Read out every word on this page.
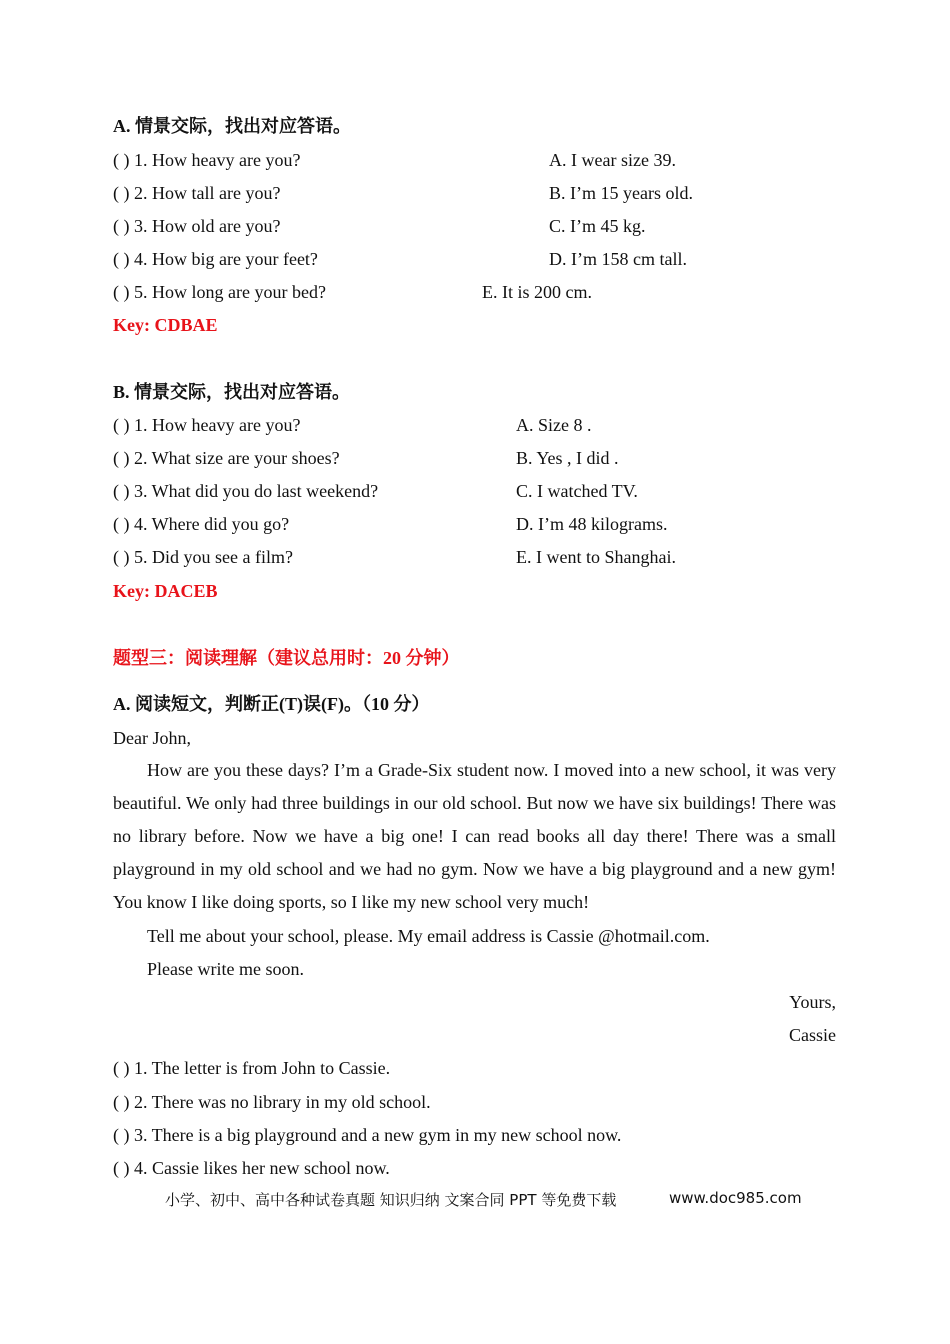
A. 情景交际，找出对应答语。
( ) 1. How heavy are you?
( ) 2. How tall are you?
( ) 3. How old are you?
( ) 4. How big are your feet?
( ) 5. How long are your bed?
A. I wear size 39.
B. I’m 15 years old.
C. I’m 45 kg.
D. I’m 158 cm tall.
E. It is 200 cm.
Key: CDBAE
B. 情景交际，找出对应答语。
( ) 1. How heavy are you?
( ) 2. What size are your shoes?
( ) 3. What did you do last weekend?
( ) 4. Where did you go?
( ) 5. Did you see a film?
A. Size 8 .
B. Yes , I did .
C. I watched TV.
D. I’m 48 kilograms.
E. I went to Shanghai.
Key: DACEB
题型三：阅读理解（建议总用时：20 分钟）
A. 阅读短文，判断正(T)误(F)。（10 分）
Dear John,
How are you these days? I’m a Grade-Six student now. I moved into a new school, it was very beautiful. We only had three buildings in our old school. But now we have six buildings! There was no library before. Now we have a big one! I can read books all day there! There was a small playground in my old school and we had no gym. Now we have a big playground and a new gym! You know I like doing sports, so I like my new school very much!
Tell me about your school, please. My email address is Cassie @hotmail.com.
Please write me soon.
Yours,
Cassie
( ) 1. The letter is from John to Cassie.
( ) 2. There was no library in my old school.
( ) 3. There is a big playground and a new gym in my new school now.
( ) 4. Cassie likes her new school now.
小学、初中、高中各种试卷真题 知识归纳 文案合同 PPT 等免费下载	www.doc985.com
